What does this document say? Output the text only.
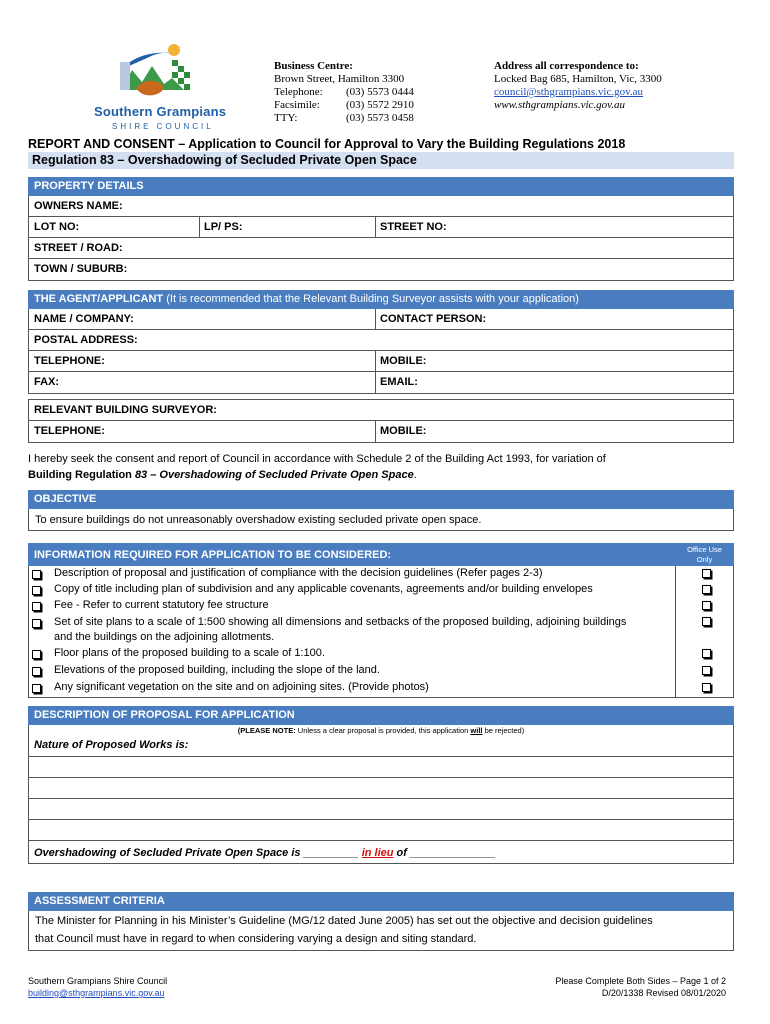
Southern Grampians
SHIRE COUNCIL
Business Centre:
Brown Street, Hamilton 3300
Telephone: (03) 5573 0444
Facsimile: (03) 5572 2910
TTY:	(03) 5573 0458
Address all correspondence to:
Locked Bag 685, Hamilton, Vic, 3300
council@sthgrampians.vic.gov.au
www.sthgrampians.vic.gov.au
REPORT AND CONSENT – Application to Council for Approval to Vary the Building Regulations 2018
Regulation 83 – Overshadowing of Secluded Private Open Space
PROPERTY DETAILS
OWNERS NAME:
LOT NO:	LP/ PS:	STREET NO:
STREET / ROAD:
TOWN / SUBURB:
THE AGENT/APPLICANT (It is recommended that the Relevant Building Surveyor assists with your application)
NAME / COMPANY:	CONTACT PERSON:
POSTAL ADDRESS:
TELEPHONE:	MOBILE:
FAX:	EMAIL:
RELEVANT BUILDING SURVEYOR:
TELEPHONE:	MOBILE:
I hereby seek the consent and report of Council in accordance with Schedule 2 of the Building Act 1993, for variation of
Building Regulation 83 – Overshadowing of Secluded Private Open Space.
OBJECTIVE
To ensure buildings do not unreasonably overshadow existing secluded private open space.
INFORMATION REQUIRED FOR APPLICATION TO BE CONSIDERED:	Office Use
Only
Description of proposal and justification of compliance with the decision guidelines (Refer pages 2-3)
Copy of title including plan of subdivision and any applicable covenants, agreements and/or building envelopes
Fee - Refer to current statutory fee structure
Set of site plans to a scale of 1:500 showing all dimensions and setbacks of the proposed building, adjoining buildings
and the buildings on the adjoining allotments.
Floor plans of the proposed building to a scale of 1:100.
Elevations of the proposed building, including the slope of the land.
Any significant vegetation on the site and on adjoining sites. (Provide photos)
DESCRIPTION OF PROPOSAL FOR APPLICATION
(PLEASE NOTE: Unless a clear proposal is provided, this application will be rejected)
Nature of Proposed Works is:
Overshadowing of Secluded Private Open Space is _________ in lieu of ______________
ASSESSMENT CRITERIA
The Minister for Planning in his Minister’s Guideline (MG/12 dated June 2005) has set out the objective and decision guidelines
that Council must have in regard to when considering varying a design and siting standard.
Southern Grampians Shire Council
building@sthgrampians.vic.gov.au
Please Complete Both Sides – Page 1 of 2
D/20/1338 Revised 08/01/2020
